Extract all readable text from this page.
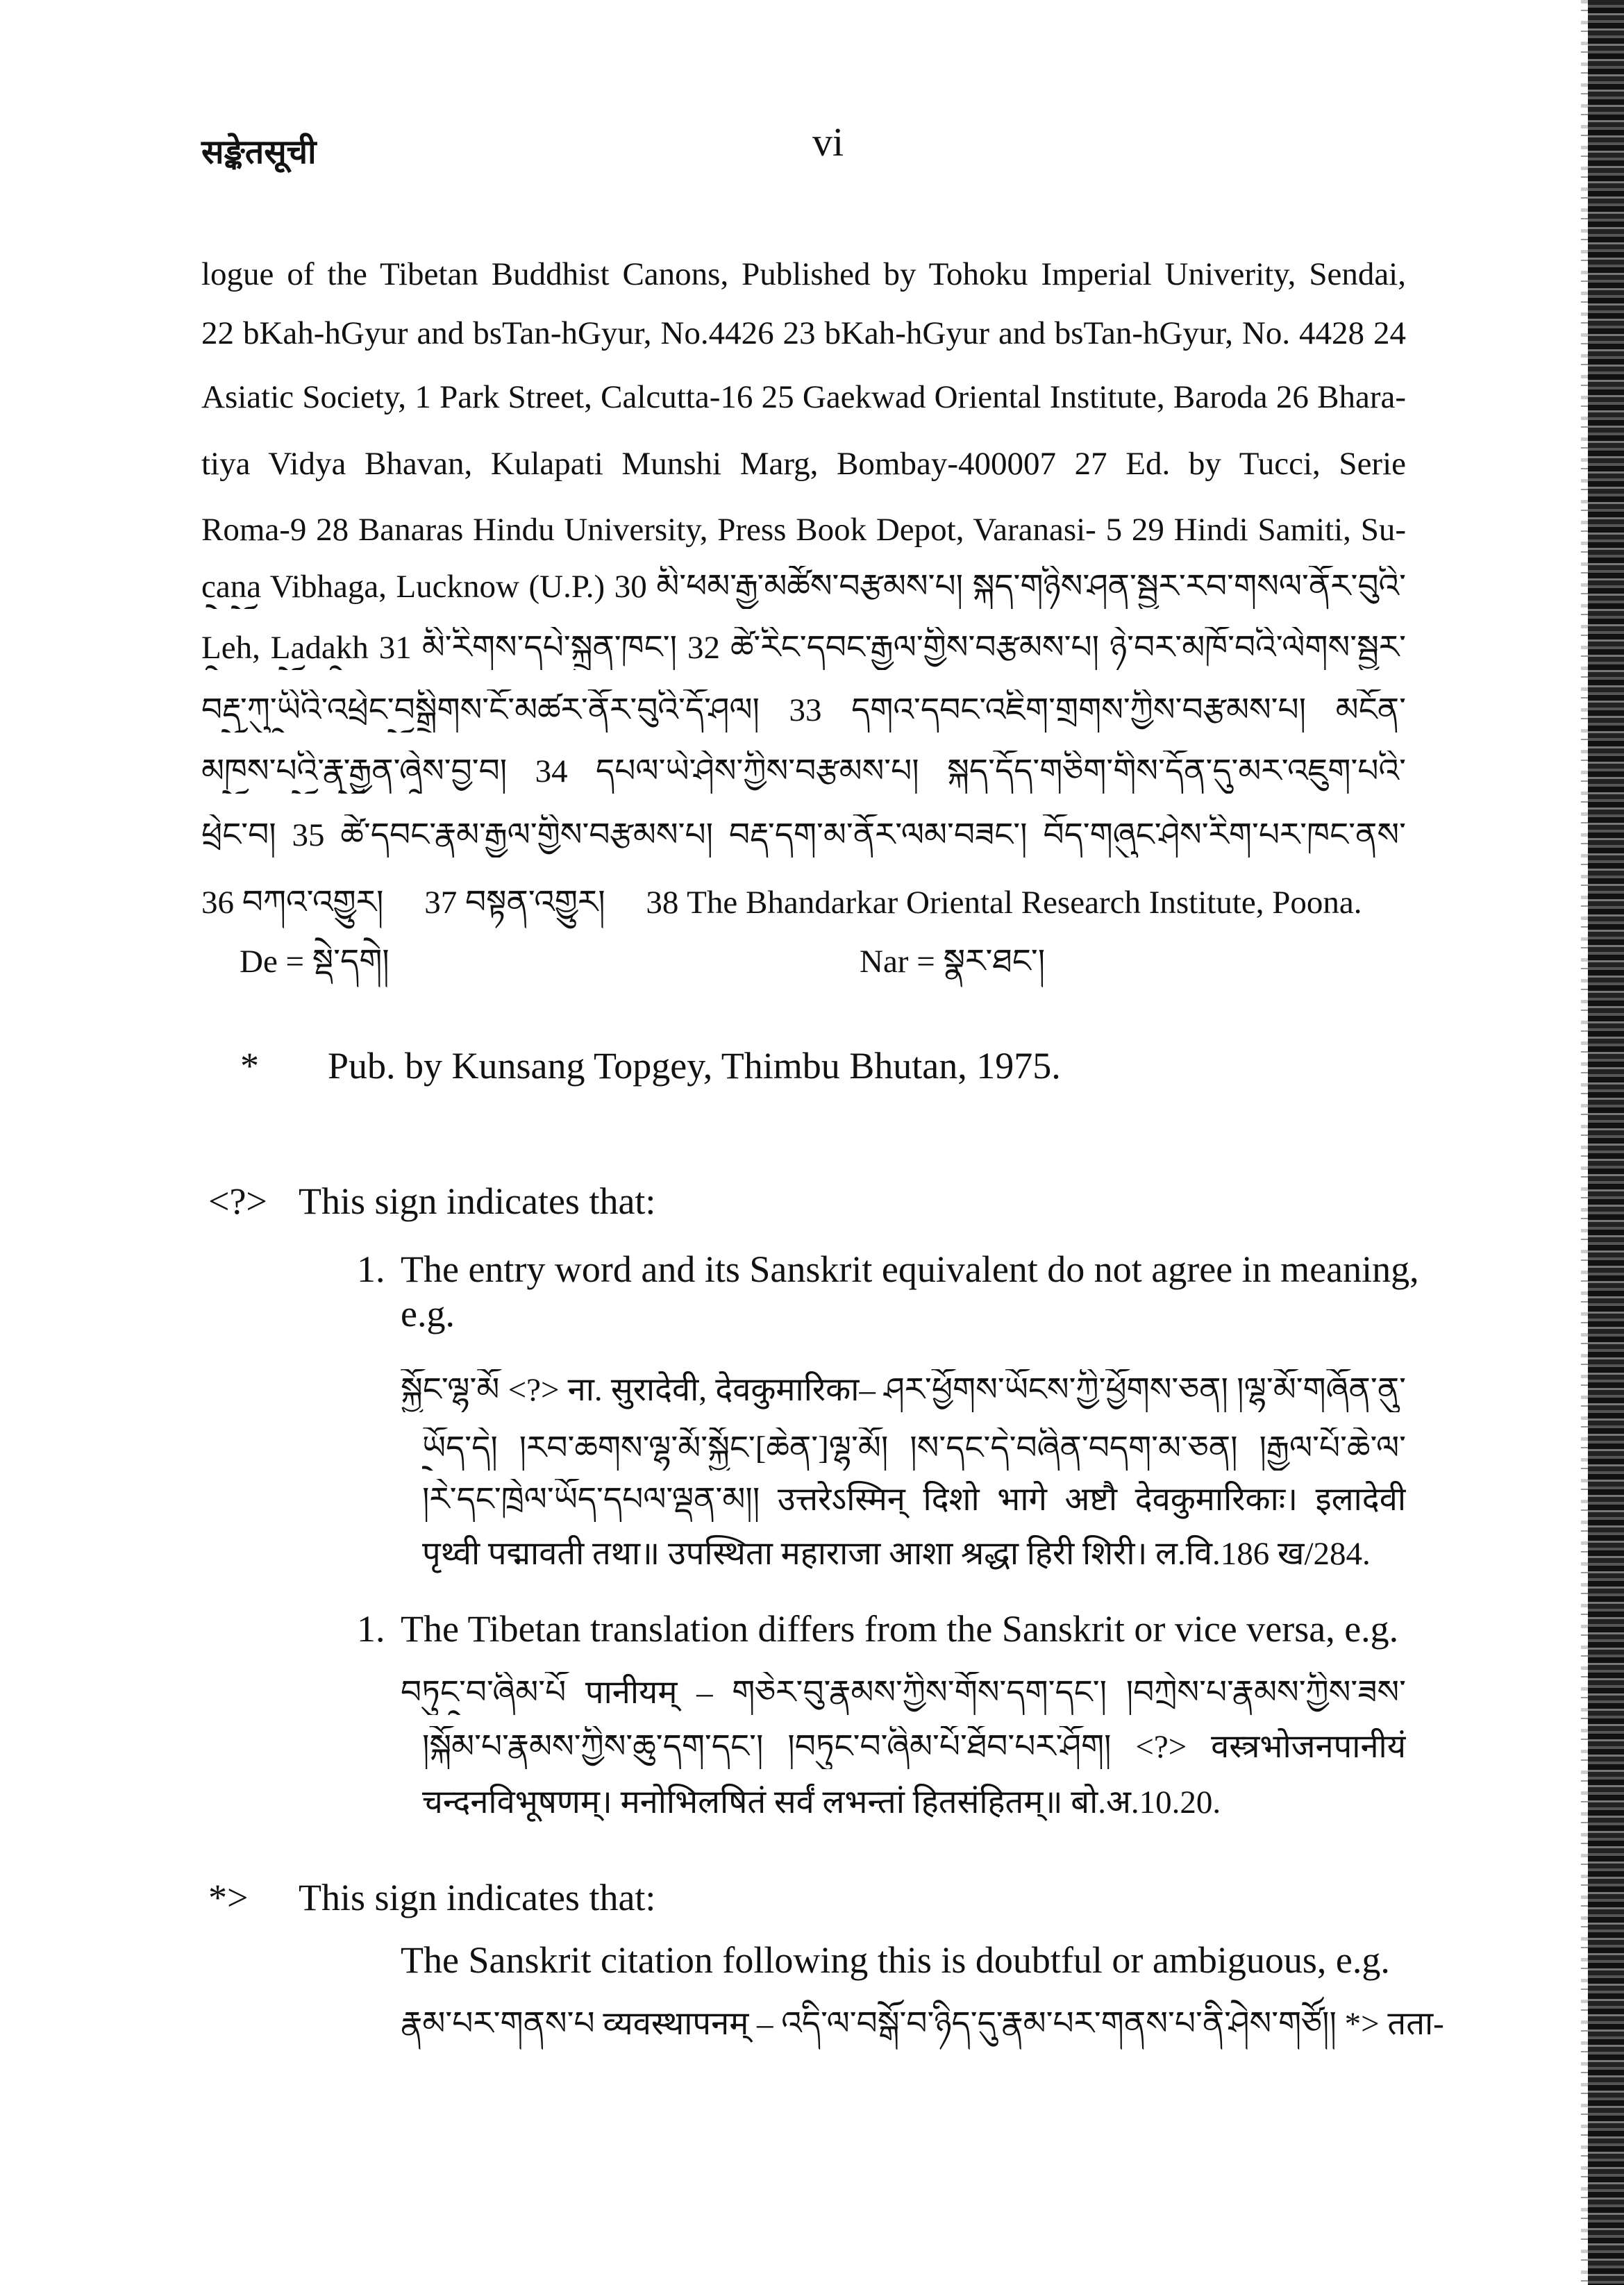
सङ्केतसूची	vi
logue of the Tibetan Buddhist Canons, Published by Tohoku Imperial Univerity, Sendai,
22 bKah-hGyur and bsTan-hGyur, No.4426 23 bKah-hGyur and bsTan-hGyur, No. 4428 24
Asiatic Society, 1 Park Street, Calcutta-16 25 Gaekwad Oriental Institute, Baroda 26 Bhara-
tiya Vidya Bhavan, Kulapati Munshi Marg, Bombay-400007 27 Ed. by Tucci, Serie
Roma-9 28 Banaras Hindu University, Press Book Depot, Varanasi- 5 29 Hindi Samiti, Su-
cana Vibhaga, Lucknow (U.P.) 30 མི་ཕམ་རྒྱ་མཚོས་བརྩམས་པ། སྐད་གཉིས་ཤན་སྦྱར་རབ་གསལ་ནོར་བུའི་
Leh, Ladakh 31 མི་རིགས་དཔེ་སྐྲུན་ཁང་། 32 ཚེ་རིང་དབང་རྒྱལ་གྱིས་བརྩམས་པ། ཉེ་བར་མཁོ་བའི་ལེགས་སྦྱར་
བརྡ་ཀུ་ཡིའི་འཕྲེང་བསྒྲིགས་ངོ་མཚར་ནོར་བུའི་དོ་ཤལ། 33 དགའ་དབང་འཇིག་གྲགས་ཀྱིས་བརྩམས་པ། མངོན་
མཁས་པའི་རྣ་རྒྱན་ཞེས་བྱ་བ། 34 དཔལ་ཡེ་ཤེས་ཀྱིས་བརྩམས་པ། སྐད་དོད་གཅིག་གིས་དོན་དུ་མར་འཇུག་པའི་
ཕྲེང་བ། 35 ཚེ་དབང་རྣམ་རྒྱལ་གྱིས་བརྩམས་པ། བརྡ་དག་མ་ནོར་ལམ་བཟང་། བོད་གཞུང་ཤེས་རིག་པར་ཁང་ནས་
36 བཀའ་འགྱུར།     37 བསྟན་འགྱུར།     38 The Bhandarkar Oriental Research Institute, Poona.
De = སྡེ་དགེ།	Nar = སྣར་ཐང་།
* Pub. by Kunsang Topgey, Thimbu Bhutan, 1975.
<?> This sign indicates that:
1. The entry word and its Sanskrit equivalent do not agree in meaning,
e.g.
སྐྱོང་ལྷ་མོ <?> ना. सुरादेवी, देवकुमारिका– ཤར་ཕྱོགས་ཡོངས་ཀྱི་ཕྱོགས་ཅན། །ལྷ་མོ་གཞོན་ནུ་
ཡོད་དེ། །རབ་ཆགས་ལྷ་མོ་སྐྱོང་[ཆེན་]ལྷ་མོ། །ས་དང་དེ་བཞིན་བདག་མ་ཅན། །རྒྱལ་པོ་ཆེ་ལ་
།རེ་དང་ཁྲེལ་ཡོད་དཔལ་ལྡན་མ།། उत्तरेऽस्मिन् दिशो भागे अष्टौ देवकुमारिकाः। इलादेवी
पृथ्वी पद्मावती तथा॥ उपस्थिता महाराजा आशा श्रद्धा हिरी शिरी। ल.वि.186 ख/284.
1. The Tibetan translation differs from the Sanskrit or vice versa, e.g.
བཏུང་བ་ཞིམ་པོ पानीयम् – གཅེར་བུ་རྣམས་ཀྱིས་གོས་དག་དང་། །བཀྲེས་པ་རྣམས་ཀྱིས་ཟས་
།སྐོམ་པ་རྣམས་ཀྱིས་ཆུ་དག་དང་། །བཏུང་བ་ཞིམ་པོ་ཐོབ་པར་ཤོག། <?> वस्त्रभोजनपानीयं
चन्दनविभूषणम्। मनोभिलषितं सर्वं लभन्तां हितसंहितम्॥ बो.अ.10.20.
*> This sign indicates that:
The Sanskrit citation following this is doubtful or ambiguous, e.g.
རྣམ་པར་གནས་པ व्यवस्थापनम् – འདི་ལ་བསྒོ་བ་ཉིད་དུ་རྣམ་པར་གནས་པ་ནི་ཤེས་གཙོ།། *> तता-
